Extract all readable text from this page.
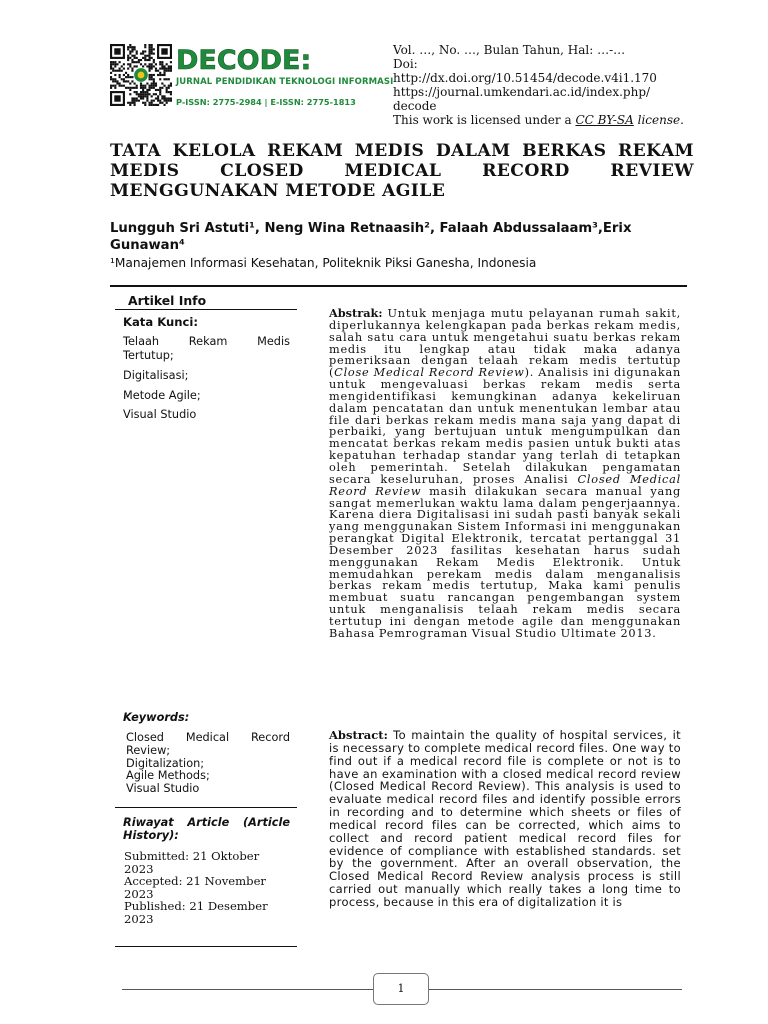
DECODE:
JURNAL PENDIDIKAN TEKNOLOGI INFORMASI
P-ISSN: 2775-2984 | E-ISSN: 2775-1813
Vol. …, No. …, Bulan Tahun, Hal: …-…
Doi:
http://dx.doi.org/10.51454/decode.v4i1.170
https://journal.umkendari.ac.id/index.php/
decode
This work is licensed under a CC BY-SA license.
TATA KELOLA REKAM MEDIS DALAM BERKAS REKAM MEDIS CLOSED MEDICAL RECORD REVIEW MENGGUNAKAN METODE AGILE
Lungguh Sri Astuti¹, Neng Wina Retnaasih², Falaah Abdussalaam³,Erix
Gunawan⁴
¹Manajemen Informasi Kesehatan, Politeknik Piksi Ganesha, Indonesia
Artikel Info
Kata Kunci:
Telaah Rekam Medis Tertutup;
Digitalisasi;
Metode Agile;
Visual Studio
Keywords:
Closed Medical Record Review;
Digitalization;
Agile Methods;
Visual Studio
Riwayat Article (Article History):
Submitted: 21 Oktober 2023
Accepted: 21 November 2023
Published: 21 Desember 2023
Abstrak: Untuk menjaga mutu pelayanan rumah sakit, diperlukannya kelengkapan pada berkas rekam medis, salah satu cara untuk mengetahui suatu berkas rekam medis itu lengkap atau tidak maka adanya pemeriksaan dengan telaah rekam medis tertutup (Close Medical Record Review). Analisis ini digunakan untuk mengevaluasi berkas rekam medis serta mengidentifikasi kemungkinan adanya kekeliruan dalam pencatatan dan untuk menentukan lembar atau file dari berkas rekam medis mana saja yang dapat di perbaiki, yang bertujuan untuk mengumpulkan dan mencatat berkas rekam medis pasien untuk bukti atas kepatuhan terhadap standar yang terlah di tetapkan oleh pemerintah. Setelah dilakukan pengamatan secara keseluruhan, proses Analisi Closed Medical Reord Review masih dilakukan secara manual yang sangat memerlukan waktu lama dalam pengerjaannya. Karena diera Digitalisasi ini sudah pasti banyak sekali yang menggunakan Sistem Informasi ini menggunakan perangkat Digital Elektronik, tercatat pertanggal 31 Desember 2023 fasilitas kesehatan harus sudah menggunakan Rekam Medis Elektronik. Untuk memudahkan perekam medis dalam menganalisis berkas rekam medis tertutup, Maka kami penulis membuat suatu rancangan pengembangan system untuk menganalisis telaah rekam medis secara tertutup ini dengan metode agile dan menggunakan Bahasa Pemrograman Visual Studio Ultimate 2013.
Abstract: To maintain the quality of hospital services, it is necessary to complete medical record files. One way to find out if a medical record file is complete or not is to have an examination with a closed medical record review (Closed Medical Record Review). This analysis is used to evaluate medical record files and identify possible errors in recording and to determine which sheets or files of medical record files can be corrected, which aims to collect and record patient medical record files for evidence of compliance with established standards. set by the government. After an overall observation, the Closed Medical Record Review analysis process is still carried out manually which really takes a long time to process, because in this era of digitalization it is
1
